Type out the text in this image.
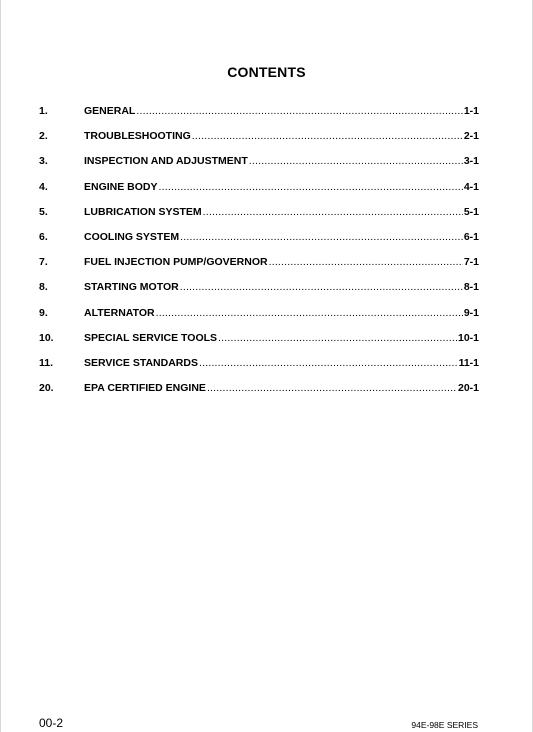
CONTENTS
1.	GENERAL .....	1-1
2.	TROUBLESHOOTING .....	2-1
3.	INSPECTION AND ADJUSTMENT .....	3-1
4.	ENGINE BODY .....	4-1
5.	LUBRICATION SYSTEM .....	5-1
6.	COOLING SYSTEM .....	6-1
7.	FUEL INJECTION PUMP/GOVERNOR .....	7-1
8.	STARTING MOTOR .....	8-1
9.	ALTERNATOR .....	9-1
10.	SPECIAL SERVICE TOOLS .....	10-1
11.	SERVICE STANDARDS .....	11-1
20.	EPA CERTIFIED ENGINE .....	20-1
00-2	94E-98E SERIES
